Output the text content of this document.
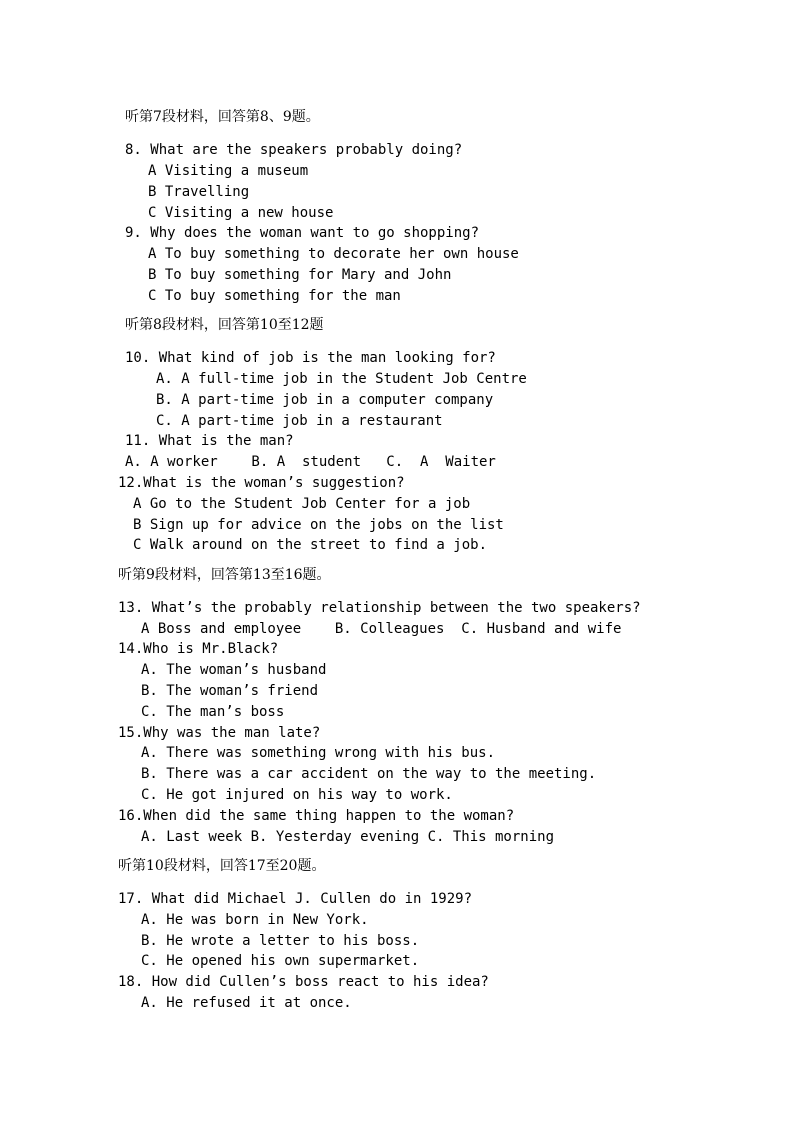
听第7段材料，回答第8、9题。
8. What are the speakers probably doing?
A Visiting a museum
B Travelling
C Visiting a new house
9. Why does the woman want to go shopping?
A To buy something to decorate her own house
B To buy something for Mary and John
C To buy something for the man
听第8段材料，回答第10至12题
10. What kind of job is the man looking for?
A. A full-time job in the Student Job Centre
B. A part-time job in a computer company
C. A part-time job in a restaurant
11. What is the man?
A. A worker    B. A  student   C.  A  Waiter
12.What is the woman’s suggestion?
A Go to the Student Job Center for a job
B Sign up for advice on the jobs on the list
C Walk around on the street to find a job.
听第9段材料，回答第13至16题。
13. What’s the probably relationship between the two speakers?
A Boss and employee    B. Colleagues  C. Husband and wife
14.Who is Mr.Black?
A. The woman’s husband
B. The woman’s friend
C. The man’s boss
15.Why was the man late?
A. There was something wrong with his bus.
B. There was a car accident on the way to the meeting.
C. He got injured on his way to work.
16.When did the same thing happen to the woman?
A. Last week B. Yesterday evening C. This morning
听第10段材料，回答17至20题。
17. What did Michael J. Cullen do in 1929?
A. He was born in New York.
B. He wrote a letter to his boss.
C. He opened his own supermarket.
18. How did Cullen’s boss react to his idea?
A. He refused it at once.
